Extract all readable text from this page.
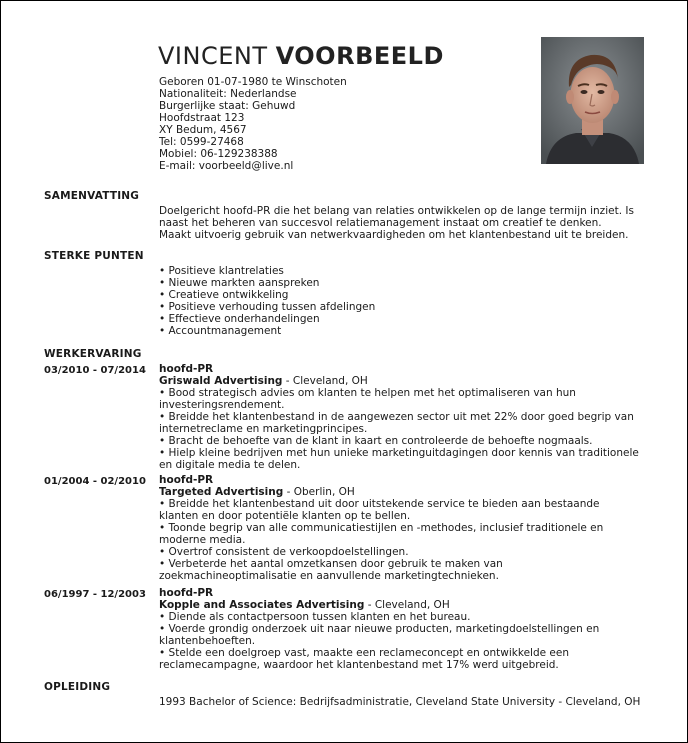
VINCENT VOORBEELD
Geboren 01-07-1980 te Winschoten
Nationaliteit: Nederlandse
Burgerlijke staat: Gehuwd
Hoofdstraat 123
XY Bedum, 4567
Tel: 0599-27468
Mobiel: 06-129238388
E-mail: voorbeeld@live.nl
SAMENVATTING
Doelgericht hoofd-PR die het belang van relaties ontwikkelen op de lange termijn inziet. Is
naast het beheren van succesvol relatiemanagement instaat om creatief te denken.
Maakt uitvoerig gebruik van netwerkvaardigheden om het klantenbestand uit te breiden.
STERKE PUNTEN
• Positieve klantrelaties
• Nieuwe markten aanspreken
• Creatieve ontwikkeling
• Positieve verhouding tussen afdelingen
• Effectieve onderhandelingen
• Accountmanagement
WERKERVARING
03/2010 - 07/2014 hoofd-PR
Griswald Advertising - Cleveland, OH
• Bood strategisch advies om klanten te helpen met het optimaliseren van hun
investeringsrendement.
• Breidde het klantenbestand in de aangewezen sector uit met 22% door goed begrip van
internetreclame en marketingprincipes.
• Bracht de behoefte van de klant in kaart en controleerde de behoefte nogmaals.
• Hielp kleine bedrijven met hun unieke marketinguitdagingen door kennis van traditionele
en digitale media te delen.
01/2004 - 02/2010 hoofd-PR
Targeted Advertising - Oberlin, OH
• Breidde het klantenbestand uit door uitstekende service te bieden aan bestaande
klanten en door potentiële klanten op te bellen.
• Toonde begrip van alle communicatiestijlen en -methodes, inclusief traditionele en
moderne media.
• Overtrof consistent de verkoopdoelstellingen.
• Verbeterde het aantal omzetkansen door gebruik te maken van
zoekmachineoptimalisatie en aanvullende marketingtechnieken.
06/1997 - 12/2003 hoofd-PR
Kopple and Associates Advertising - Cleveland, OH
• Diende als contactpersoon tussen klanten en het bureau.
• Voerde grondig onderzoek uit naar nieuwe producten, marketingdoelstellingen en
klantenbehoeften.
• Stelde een doelgroep vast, maakte een reclameconcept en ontwikkelde een
reclamecampagne, waardoor het klantenbestand met 17% werd uitgebreid.
OPLEIDING
1993 Bachelor of Science: Bedrijfsadministratie, Cleveland State University - Cleveland, OH
